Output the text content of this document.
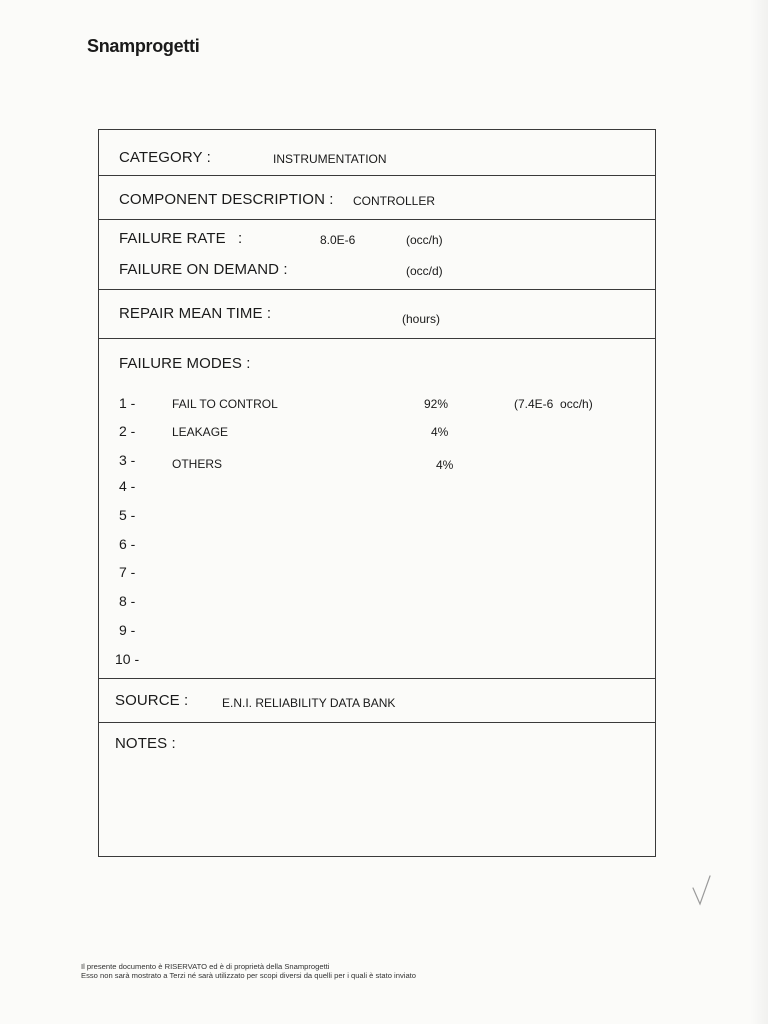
Snamprogetti
CATEGORY :	INSTRUMENTATION
COMPONENT DESCRIPTION : CONTROLLER
FAILURE RATE :	8.0E-6	(occ/h)
FAILURE ON DEMAND :	(occ/d)
REPAIR MEAN TIME :	(hours)
FAILURE MODES :
1 -	FAIL TO CONTROL	92%	(7.4E-6  occ/h)
2 -	LEAKAGE	4%
3 -	OTHERS	4%
4 -
5 -
6 -
7 -
8 -
9 -
10 -
SOURCE :	E.N.I. RELIABILITY DATA BANK
NOTES :
Il presente documento è RISERVATO ed è di proprietà della Snamprogetti
Esso non sarà mostrato a Terzi né sarà utilizzato per scopi diversi da quelli per i quali è stato inviato
